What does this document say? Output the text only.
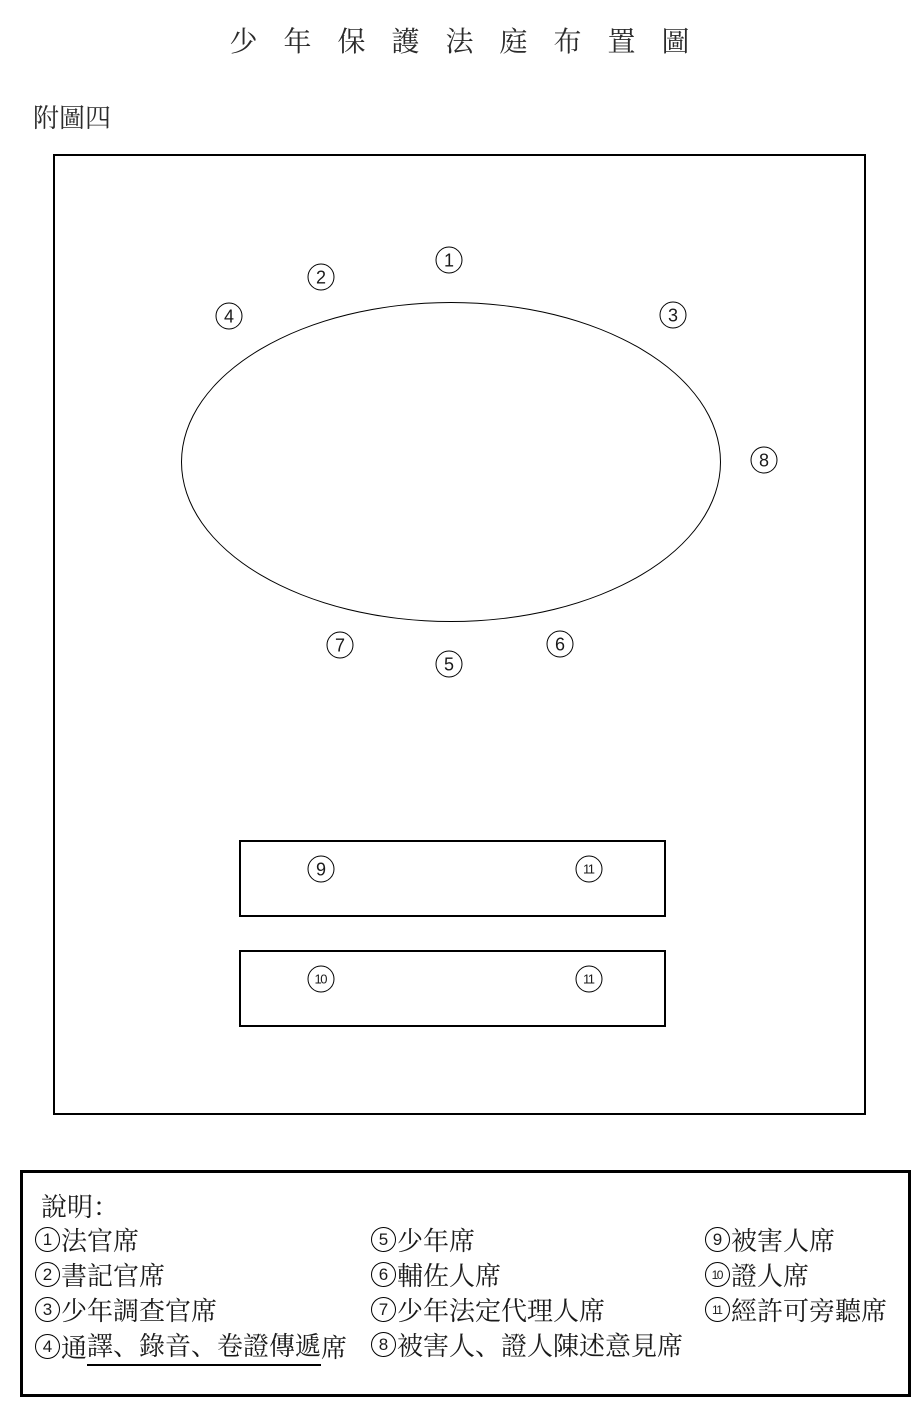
少年保護法庭布置圖
附圖四
1
2
3
4
8
7
5
6
9	11
10	11
說明：
1 法官席
2 書記官席
3 少年調查官席
4 通 譯、錄音、卷證傳遞 席
5 少年席
6 輔佐人席
7 少年法定代理人席
8 被害人、證人陳述意見席
9 被害人席
10 證人席
11 經許可旁聽席
